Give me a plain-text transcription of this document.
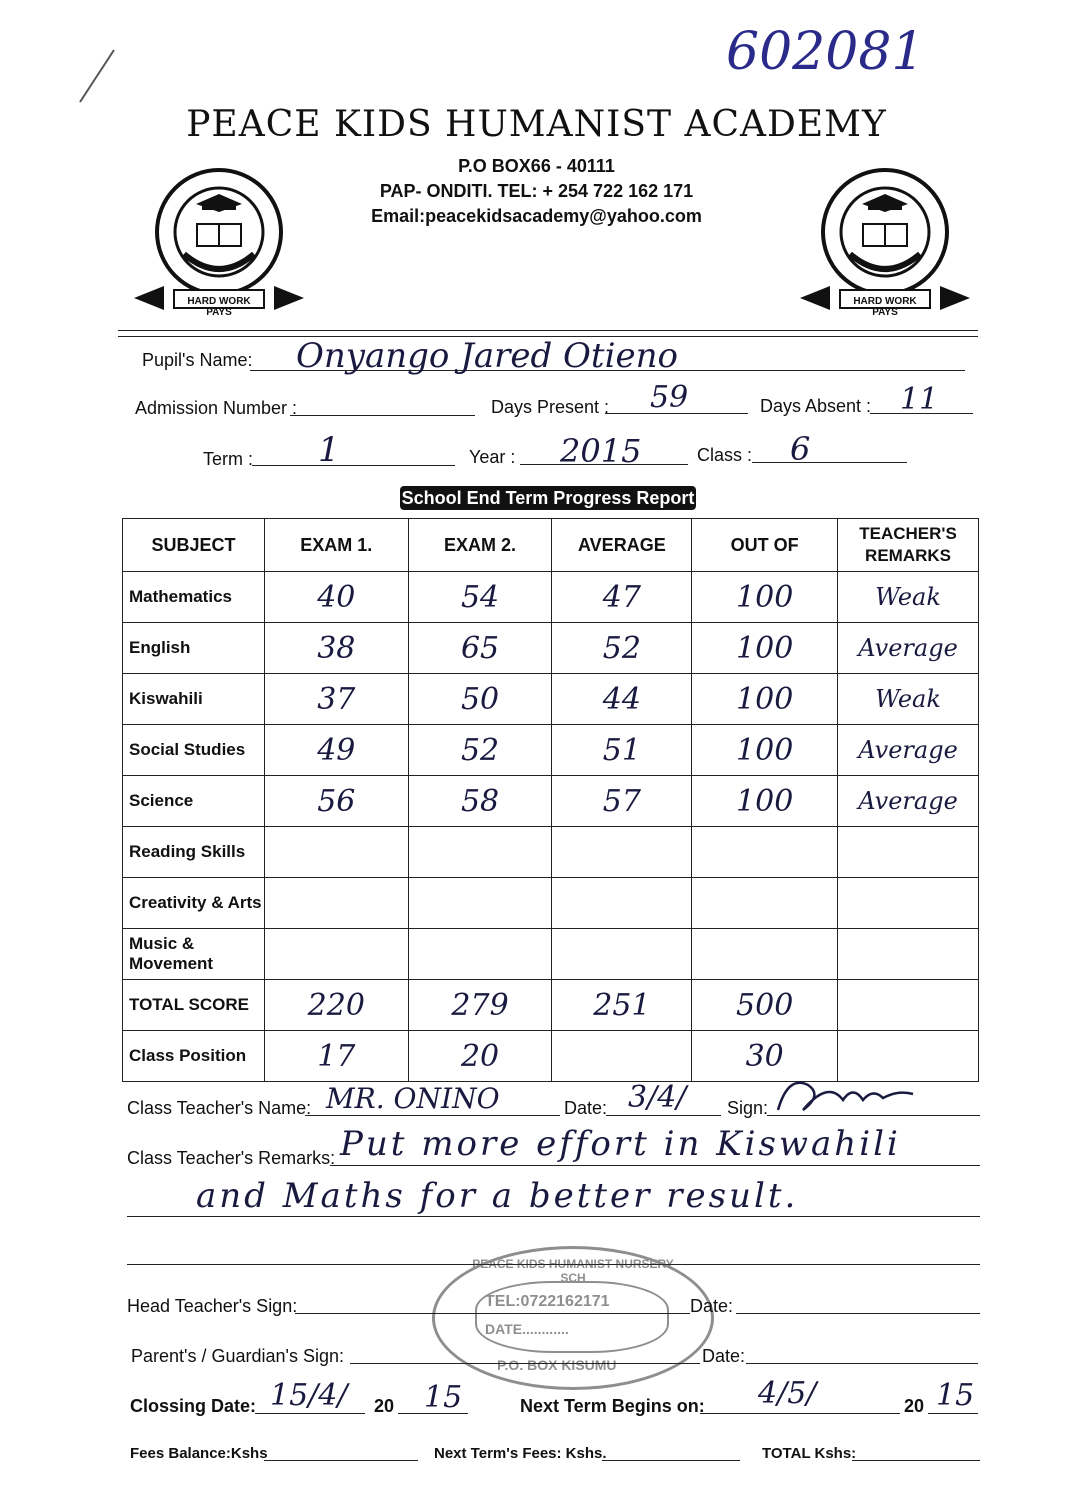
602081
PEACE KIDS HUMANIST ACADEMY
P.O BOX66 - 40111
PAP- ONDITI. TEL: + 254 722 162 171
Email:peacekidsacademy@yahoo.com
HARD WORK PAYS
HARD WORK PAYS
Pupil's Name: Onyango Jared Otieno
Admission Number :	Days Present : 59	Days Absent : 11
Term : 1	Year : 2015	Class : 6
School End Term Progress Report
SUBJECT	EXAM 1.	EXAM 2.	AVERAGE	OUT OF	TEACHER'S REMARKS
Mathematics	40	54	47	100	Weak
English	38	65	52	100	Average
Kiswahili	37	50	44	100	Weak
Social Studies	49	52	51	100	Average
Science	56	58	57	100	Average
Reading Skills					
Creativity & Arts					
Music & Movement					
TOTAL SCORE	220	279	251	500	
Class Position	17	20		30	
Class Teacher's Name: MR. ONINO	Date: 3/4/ Sign:
Class Teacher's Remarks: Put more effort in Kiswahili
and Maths for a better result.
PEACE KIDS HUMANIST NURSERY SCH
TEL:0722162171
DATE............
P.O. BOX KISUMU
Head Teacher's Sign:	Date:
Parent's / Guardian's Sign:	Date:
Clossing Date: 15/4/ 20 15	Next Term Begins on: 4/5/	20 15
Fees Balance:Kshs	Next Term's Fees: Kshs.	TOTAL Kshs:
